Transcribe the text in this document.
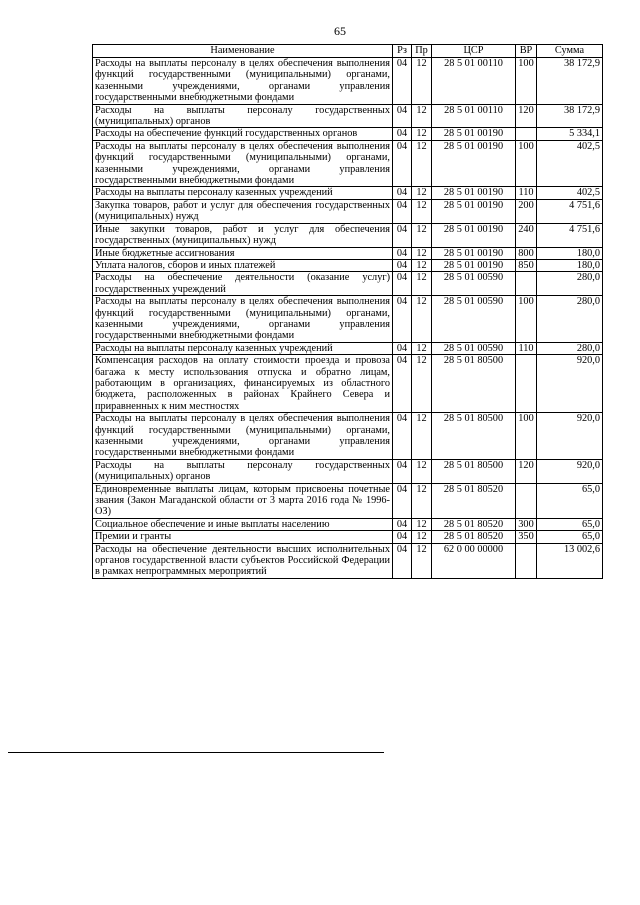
65
Наименование	Рз	Пр	ЦСР	ВР	Сумма
Расходы на выплаты персоналу в целях обеспечения выполнения функций государственными (муниципальными) органами, казенными учреждениями, органами управления государственными внебюджетными фондами	04	12	28 5 01 00110	100	38 172,9
Расходы на выплаты персоналу государственных (муниципальных) органов	04	12	28 5 01 00110	120	38 172,9
Расходы на обеспечение функций государственных органов	04	12	28 5 01 00190		5 334,1
Расходы на выплаты персоналу в целях обеспечения выполнения функций государственными (муниципальными) органами, казенными учреждениями, органами управления государственными внебюджетными фондами	04	12	28 5 01 00190	100	402,5
Расходы на выплаты персоналу казенных учреждений	04	12	28 5 01 00190	110	402,5
Закупка товаров, работ и услуг для обеспечения государственных (муниципальных) нужд	04	12	28 5 01 00190	200	4 751,6
Иные закупки товаров, работ и услуг для обеспечения государственных (муниципальных) нужд	04	12	28 5 01 00190	240	4 751,6
Иные бюджетные ассигнования	04	12	28 5 01 00190	800	180,0
Уплата налогов, сборов и иных платежей	04	12	28 5 01 00190	850	180,0
Расходы на обеспечение деятельности (оказание услуг) государственных учреждений	04	12	28 5 01 00590		280,0
Расходы на выплаты персоналу в целях обеспечения выполнения функций государственными (муниципальными) органами, казенными учреждениями, органами управления государственными внебюджетными фондами	04	12	28 5 01 00590	100	280,0
Расходы на выплаты персоналу казенных учреждений	04	12	28 5 01 00590	110	280,0
Компенсация расходов на оплату стоимости проезда и провоза багажа к месту использования отпуска и обратно лицам, работающим в организациях, финансируемых из областного бюджета, расположенных в районах Крайнего Севера и приравненных к ним местностях	04	12	28 5 01 80500		920,0
Расходы на выплаты персоналу в целях обеспечения выполнения функций государственными (муниципальными) органами, казенными учреждениями, органами управления государственными внебюджетными фондами	04	12	28 5 01 80500	100	920,0
Расходы на выплаты персоналу государственных (муниципальных) органов	04	12	28 5 01 80500	120	920,0
Единовременные выплаты лицам, которым присвоены почетные звания (Закон Магаданской области от 3 марта 2016 года № 1996-ОЗ)	04	12	28 5 01 80520		65,0
Социальное обеспечение и иные выплаты населению	04	12	28 5 01 80520	300	65,0
Премии и гранты	04	12	28 5 01 80520	350	65,0
Расходы на обеспечение деятельности высших исполнительных органов государственной власти субъектов Российской Федерации в рамках непрограммных мероприятий	04	12	62 0 00 00000		13 002,6
